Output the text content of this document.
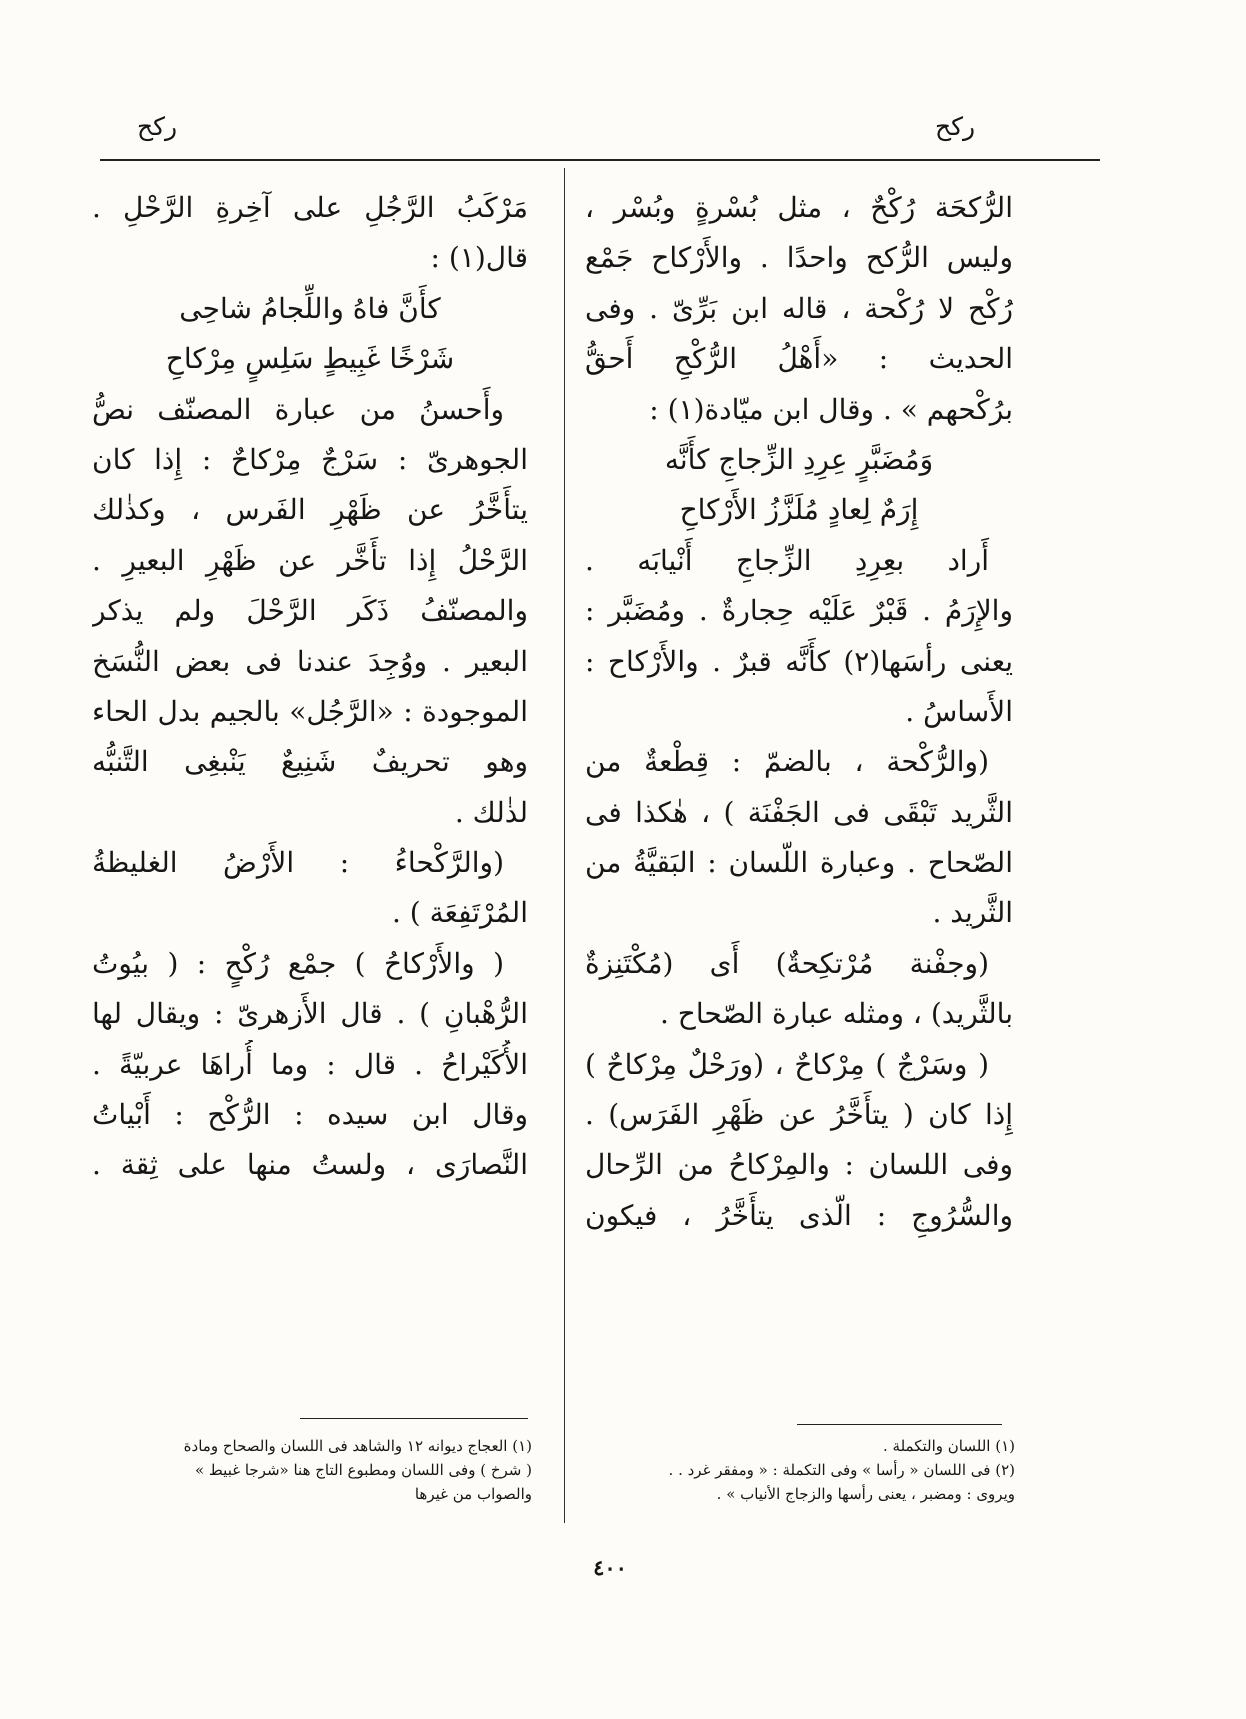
ركح
ركح
الرُّكحَة رُكْحٌ ، مثل بُسْرةٍ وبُسْر ،
وليس الرُّكح واحدًا . والأَرْكاح جَمْع
رُكْح لا رُكْحة ، قاله ابن بَرِّىّ . وفى
الحديث : «أَهْلُ الرُّكْحِ أَحقُّ
برُكْحهم » . وقال ابن ميّادة(١) :
وَمُضَبَّرٍ عِرِدِ الزِّجاجِ كأَنَّه
إِرَمٌ لِعادٍ مُلَزَّزُ الأَرْكاحِ
أَراد بعِرِدِ الزِّجاجِ أَنْيابَه .
والإِرَمُ . قَبْرٌ عَلَيْه حِجارةٌ . ومُضَبَّر :
يعنى رأسَها(٢) كأَنَّه قبرٌ . والأَرْكاح :
الأَساسُ .
(والرُّكْحة ، بالضمّ : قِطْعةٌ من
الثَّريد تَبْقَى فى الجَفْنَة ) ، هٰكذا فى
الصّحاح . وعبارة اللّسان : البَقيَّةُ من
الثَّريد .
(وجفْنة مُرْتكِحةٌ) أَى (مُكْتَنِزةٌ
بالثَّريد) ، ومثله عبارة الصّحاح .
( وسَرْجٌ ) مِرْكاحٌ ، (ورَحْلٌ مِرْكاحٌ )
إِذا كان ( يتأَخَّرُ عن ظَهْرِ الفَرَس) .
وفى اللسان : والمِرْكاحُ من الرِّحال
والسُّرُوجِ : الّذى يتأَخَّرُ ، فيكون
مَرْكَبُ الرَّجُلِ على آخِرةِ الرَّحْلِ .
قال(١) :
كأَنَّ فاهُ واللِّجامُ شاحِى
شَرْخًا غَبِيطٍ سَلِسٍ مِرْكاحِ
وأَحسنُ من عبارة المصنّف نصُّ
الجوهرىّ : سَرْجٌ مِرْكاحٌ : إِذا كان
يتأَخَّرُ عن ظَهْرِ الفَرس ، وكذٰلك
الرَّحْلُ إِذا تأَخَّر عن ظَهْرِ البعيرِ .
والمصنّفُ ذَكَر الرَّحْلَ ولم يذكر
البعير . ووُجِدَ عندنا فى بعض النُّسَخ
الموجودة : «الرَّجُل» بالجيم بدل الحاء
وهو تحريفٌ شَنِيعٌ يَنْبغِى التَّنبُّه
لذٰلك .
(والرَّكْحاءُ : الأَرْضُ الغليظةُ
المُرْتَفِعَة ) .
( والأَرْكاحُ ) جمْع رُكْحٍ : ( بيُوتُ
الرُّهْبانِ ) . قال الأَزهرىّ : ويقال لها
الأُكَيْراحُ . قال : وما أُراهَا عربيّةً .
وقال ابن سيده : الرُّكْح : أَبْياتُ
النَّصارَى ، ولستُ منها على ثِقة .
(١) اللسان والتكملة .
(٢) فى اللسان « رأسا » وفى التكملة : « ومفقر غرد . .
ويروى : ومضبر ، يعنى رأسها والزجاج الأنياب » .
(١) العجاج ديوانه ١٢ والشاهد فى اللسان والصحاح ومادة
( شرخ ) وفى اللسان ومطبوع التاج هنا «شرجا غبيط »
والصواب من غيرها
٤٠٠
